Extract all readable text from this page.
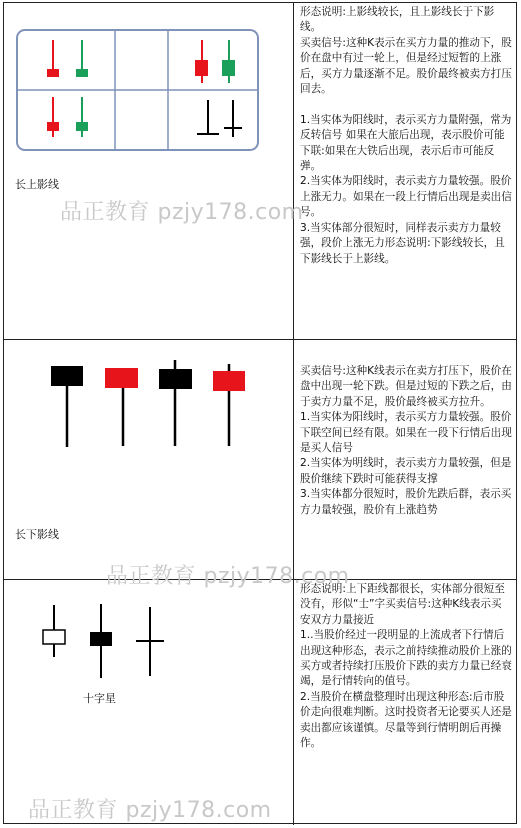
长上影线

形态说明:上影线较长，且上影线长于下影线。
买卖信号:这种K表示在买方力量的推动下，股价在盘中有过一轮上，但是经过短暂的上涨后，买方力量逐渐不足。股价最终被卖方打压回去。

1.当实体为阳线时，表示买方力量附强，常为反转信号 如果在大旅后出现，表示股价可能下联:如果在大铁后出现，表示后市可能反弹。
2.当实体为阳线时，表示卖方力量较强。股价上涨无力。如果在一段上行情后出现是卖出信号。
3.当实体部分很短时，同样表示卖方力量较强，段价上涨无力形态说明:下影线较长，且下影线长于上影线。

品正教育 pzjy178.com
长下影线

买卖信号:这种K线表示在卖方打压下，股价在盘中出现一轮下跌。但是过短的下跌之后，由于卖方力量不足，股价最终被买方拉升。
1.当实体为阳线时，表示买方力量较强。股价下联空间已经有限。如果在一段下行情后出现是买人信号
2.当实体为明线时，表示卖方力量较强，但是股价继续下跌时可能获得支撑
3.当实体都分很短时，股价先跌后群，表示买方力量较强，股价有上涨趋势

品正教育 pzjy178.com
十字星

形态说明:上下距线都很长，实体部分很短至没有，形似“士”字买卖信号:这种K线表示买安双方力量接近
1..当股价经过一段明显的上流成者下行情后出现这种形态，表示之前持续推动股价上涨的买方或者持续打压股价下跌的卖方力量已经衰竭，是行情转向的值号。
2.当股价在横盘整理时出现这种形态:后市股价走向很难判断。这时投资者无论要买人还是卖出都应该谨慎。尽量等到行情明朗后再操作。

品正教育 pzjy178.com
